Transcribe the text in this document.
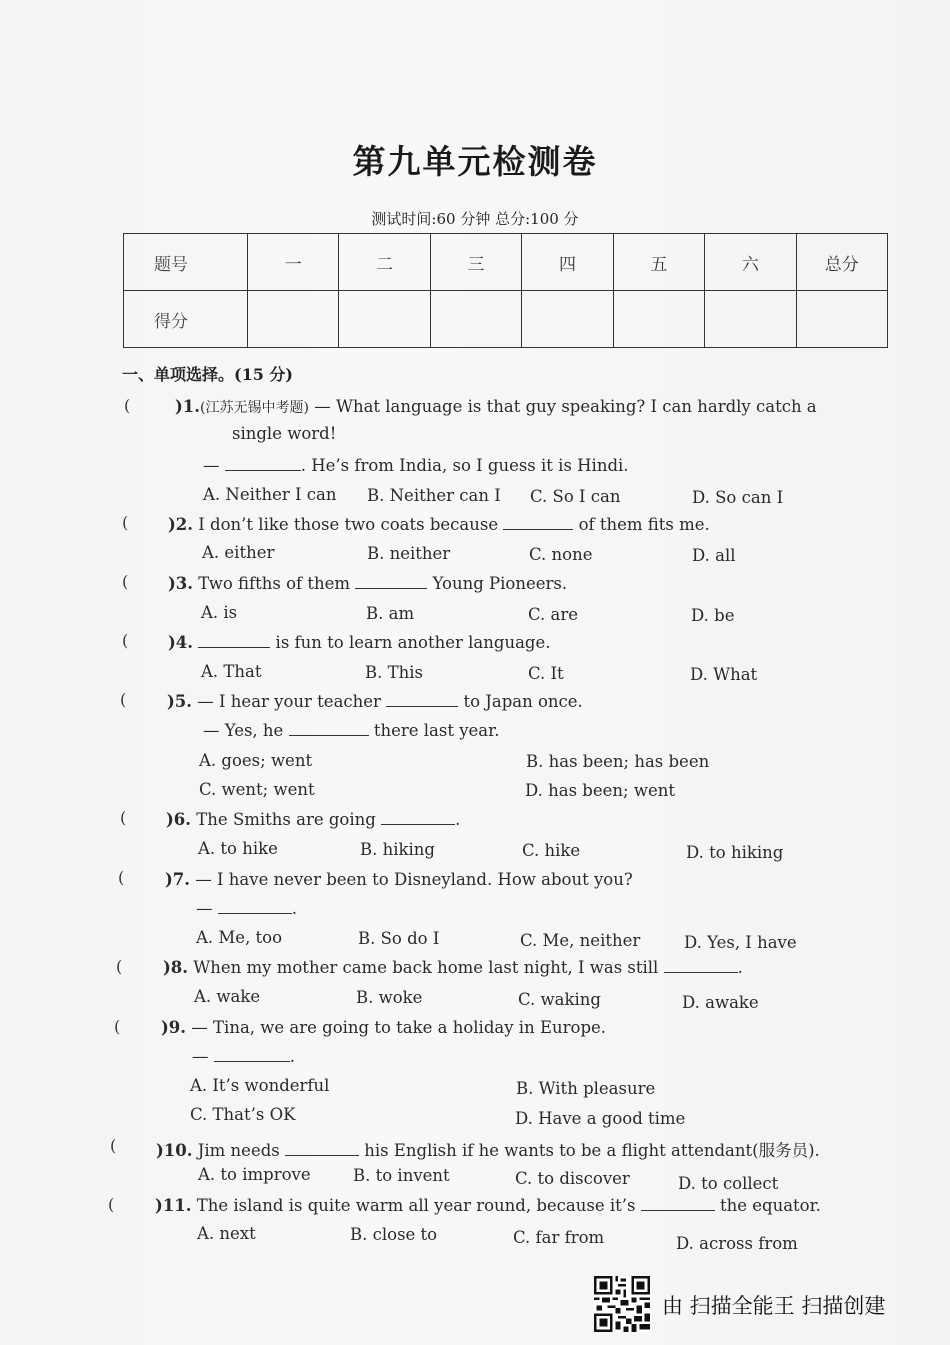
第九单元检测卷
测试时间:60 分钟 总分:100 分
题号	一	二	三	四	五	六	总分
得分							
一、单项选择。(15 分)
(	)1.(江苏无锡中考题) — What language is that guy speaking? I can hardly catch a
single word!
—	. He’s from India, so I guess it is Hindi.
A. Neither I can B. Neither can I C. So I can	D. So can I
( )2. I don’t like those two coats because	of them fits me.
A. either	B. neither	C. none	D. all
( )3. Two fifths of them	Young Pioneers.
A. is	B. am	C. are	D. be
( )4.	is fun to learn another language.
A. That	B. This	C. It	D. What
( )5. — I hear your teacher	to Japan once.
— Yes, he	there last year.
A. goes; went	B. has been; has been
C. went; went	D. has been; went
( )6. The Smiths are going	.
A. to hike	B. hiking	C. hike	D. to hiking
( )7. — I have never been to Disneyland. How about you?
—	.
A. Me, too	B. So do I	C. Me, neither	D. Yes, I have
( )8. When my mother came back home last night, I was still	.
A. wake	B. woke	C. waking	D. awake
( )9. — Tina, we are going to take a holiday in Europe.
—	.
A. It’s wonderful	B. With pleasure
C. That’s OK	D. Have a good time
( )10. Jim needs	his English if he wants to be a flight attendant(服务员).
A. to improve	B. to invent	C. to discover	D. to collect
( )11. The island is quite warm all year round, because it’s	the equator.
A. next	B. close to	C. far from	D. across from
由 扫描全能王 扫描创建
